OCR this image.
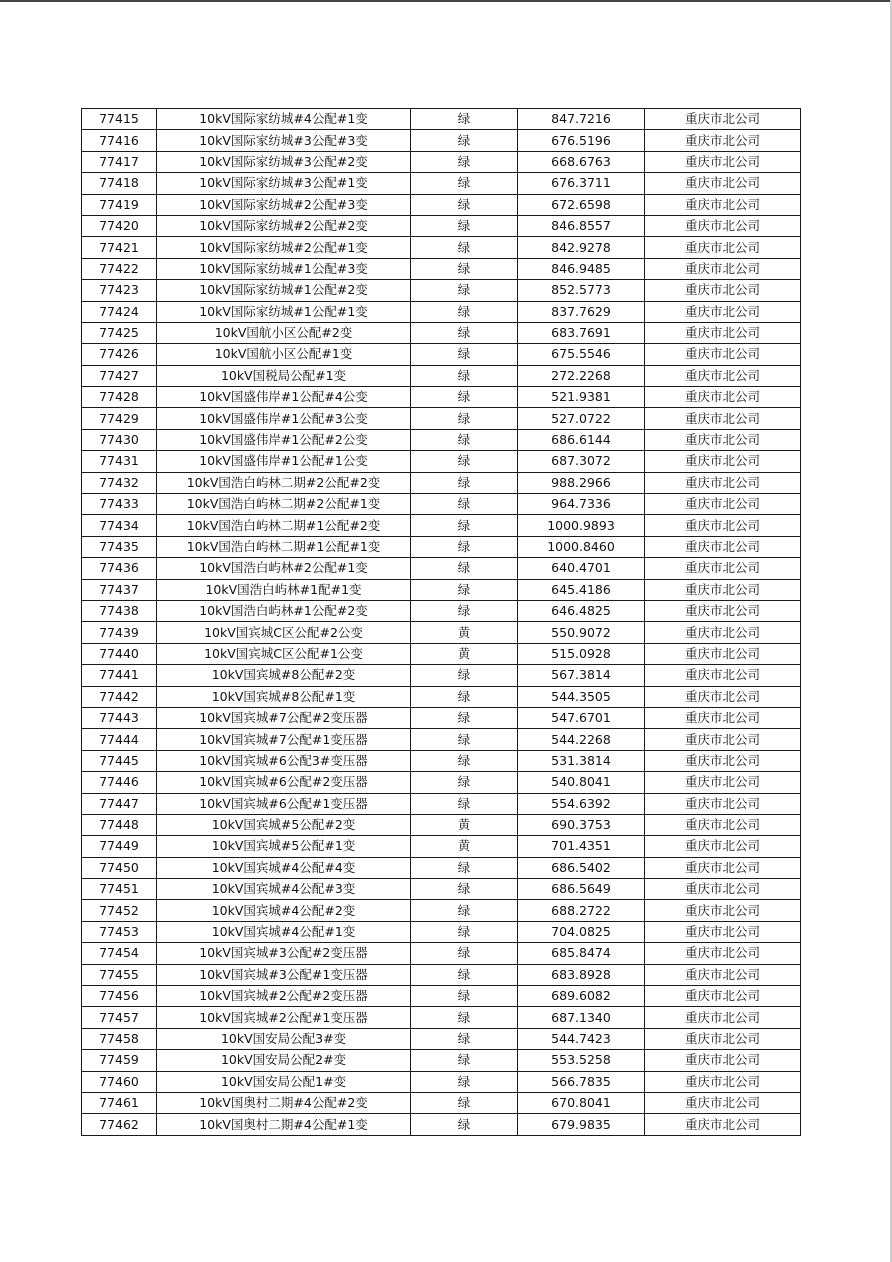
77415	10kV国际家纺城#4公配#1变	绿	847.7216	重庆市北公司
77416	10kV国际家纺城#3公配#3变	绿	676.5196	重庆市北公司
77417	10kV国际家纺城#3公配#2变	绿	668.6763	重庆市北公司
77418	10kV国际家纺城#3公配#1变	绿	676.3711	重庆市北公司
77419	10kV国际家纺城#2公配#3变	绿	672.6598	重庆市北公司
77420	10kV国际家纺城#2公配#2变	绿	846.8557	重庆市北公司
77421	10kV国际家纺城#2公配#1变	绿	842.9278	重庆市北公司
77422	10kV国际家纺城#1公配#3变	绿	846.9485	重庆市北公司
77423	10kV国际家纺城#1公配#2变	绿	852.5773	重庆市北公司
77424	10kV国际家纺城#1公配#1变	绿	837.7629	重庆市北公司
77425	10kV国航小区公配#2变	绿	683.7691	重庆市北公司
77426	10kV国航小区公配#1变	绿	675.5546	重庆市北公司
77427	10kV国税局公配#1变	绿	272.2268	重庆市北公司
77428	10kV国盛伟岸#1公配#4公变	绿	521.9381	重庆市北公司
77429	10kV国盛伟岸#1公配#3公变	绿	527.0722	重庆市北公司
77430	10kV国盛伟岸#1公配#2公变	绿	686.6144	重庆市北公司
77431	10kV国盛伟岸#1公配#1公变	绿	687.3072	重庆市北公司
77432	10kV国浩白屿林二期#2公配#2变	绿	988.2966	重庆市北公司
77433	10kV国浩白屿林二期#2公配#1变	绿	964.7336	重庆市北公司
77434	10kV国浩白屿林二期#1公配#2变	绿	1000.9893	重庆市北公司
77435	10kV国浩白屿林二期#1公配#1变	绿	1000.8460	重庆市北公司
77436	10kV国浩白屿林#2公配#1变	绿	640.4701	重庆市北公司
77437	10kV国浩白屿林#1配#1变	绿	645.4186	重庆市北公司
77438	10kV国浩白屿林#1公配#2变	绿	646.4825	重庆市北公司
77439	10kV国宾城C区公配#2公变	黄	550.9072	重庆市北公司
77440	10kV国宾城C区公配#1公变	黄	515.0928	重庆市北公司
77441	10kV国宾城#8公配#2变	绿	567.3814	重庆市北公司
77442	10kV国宾城#8公配#1变	绿	544.3505	重庆市北公司
77443	10kV国宾城#7公配#2变压器	绿	547.6701	重庆市北公司
77444	10kV国宾城#7公配#1变压器	绿	544.2268	重庆市北公司
77445	10kV国宾城#6公配3#变压器	绿	531.3814	重庆市北公司
77446	10kV国宾城#6公配#2变压器	绿	540.8041	重庆市北公司
77447	10kV国宾城#6公配#1变压器	绿	554.6392	重庆市北公司
77448	10kV国宾城#5公配#2变	黄	690.3753	重庆市北公司
77449	10kV国宾城#5公配#1变	黄	701.4351	重庆市北公司
77450	10kV国宾城#4公配#4变	绿	686.5402	重庆市北公司
77451	10kV国宾城#4公配#3变	绿	686.5649	重庆市北公司
77452	10kV国宾城#4公配#2变	绿	688.2722	重庆市北公司
77453	10kV国宾城#4公配#1变	绿	704.0825	重庆市北公司
77454	10kV国宾城#3公配#2变压器	绿	685.8474	重庆市北公司
77455	10kV国宾城#3公配#1变压器	绿	683.8928	重庆市北公司
77456	10kV国宾城#2公配#2变压器	绿	689.6082	重庆市北公司
77457	10kV国宾城#2公配#1变压器	绿	687.1340	重庆市北公司
77458	10kV国安局公配3#变	绿	544.7423	重庆市北公司
77459	10kV国安局公配2#变	绿	553.5258	重庆市北公司
77460	10kV国安局公配1#变	绿	566.7835	重庆市北公司
77461	10kV国奥村二期#4公配#2变	绿	670.8041	重庆市北公司
77462	10kV国奥村二期#4公配#1变	绿	679.9835	重庆市北公司
